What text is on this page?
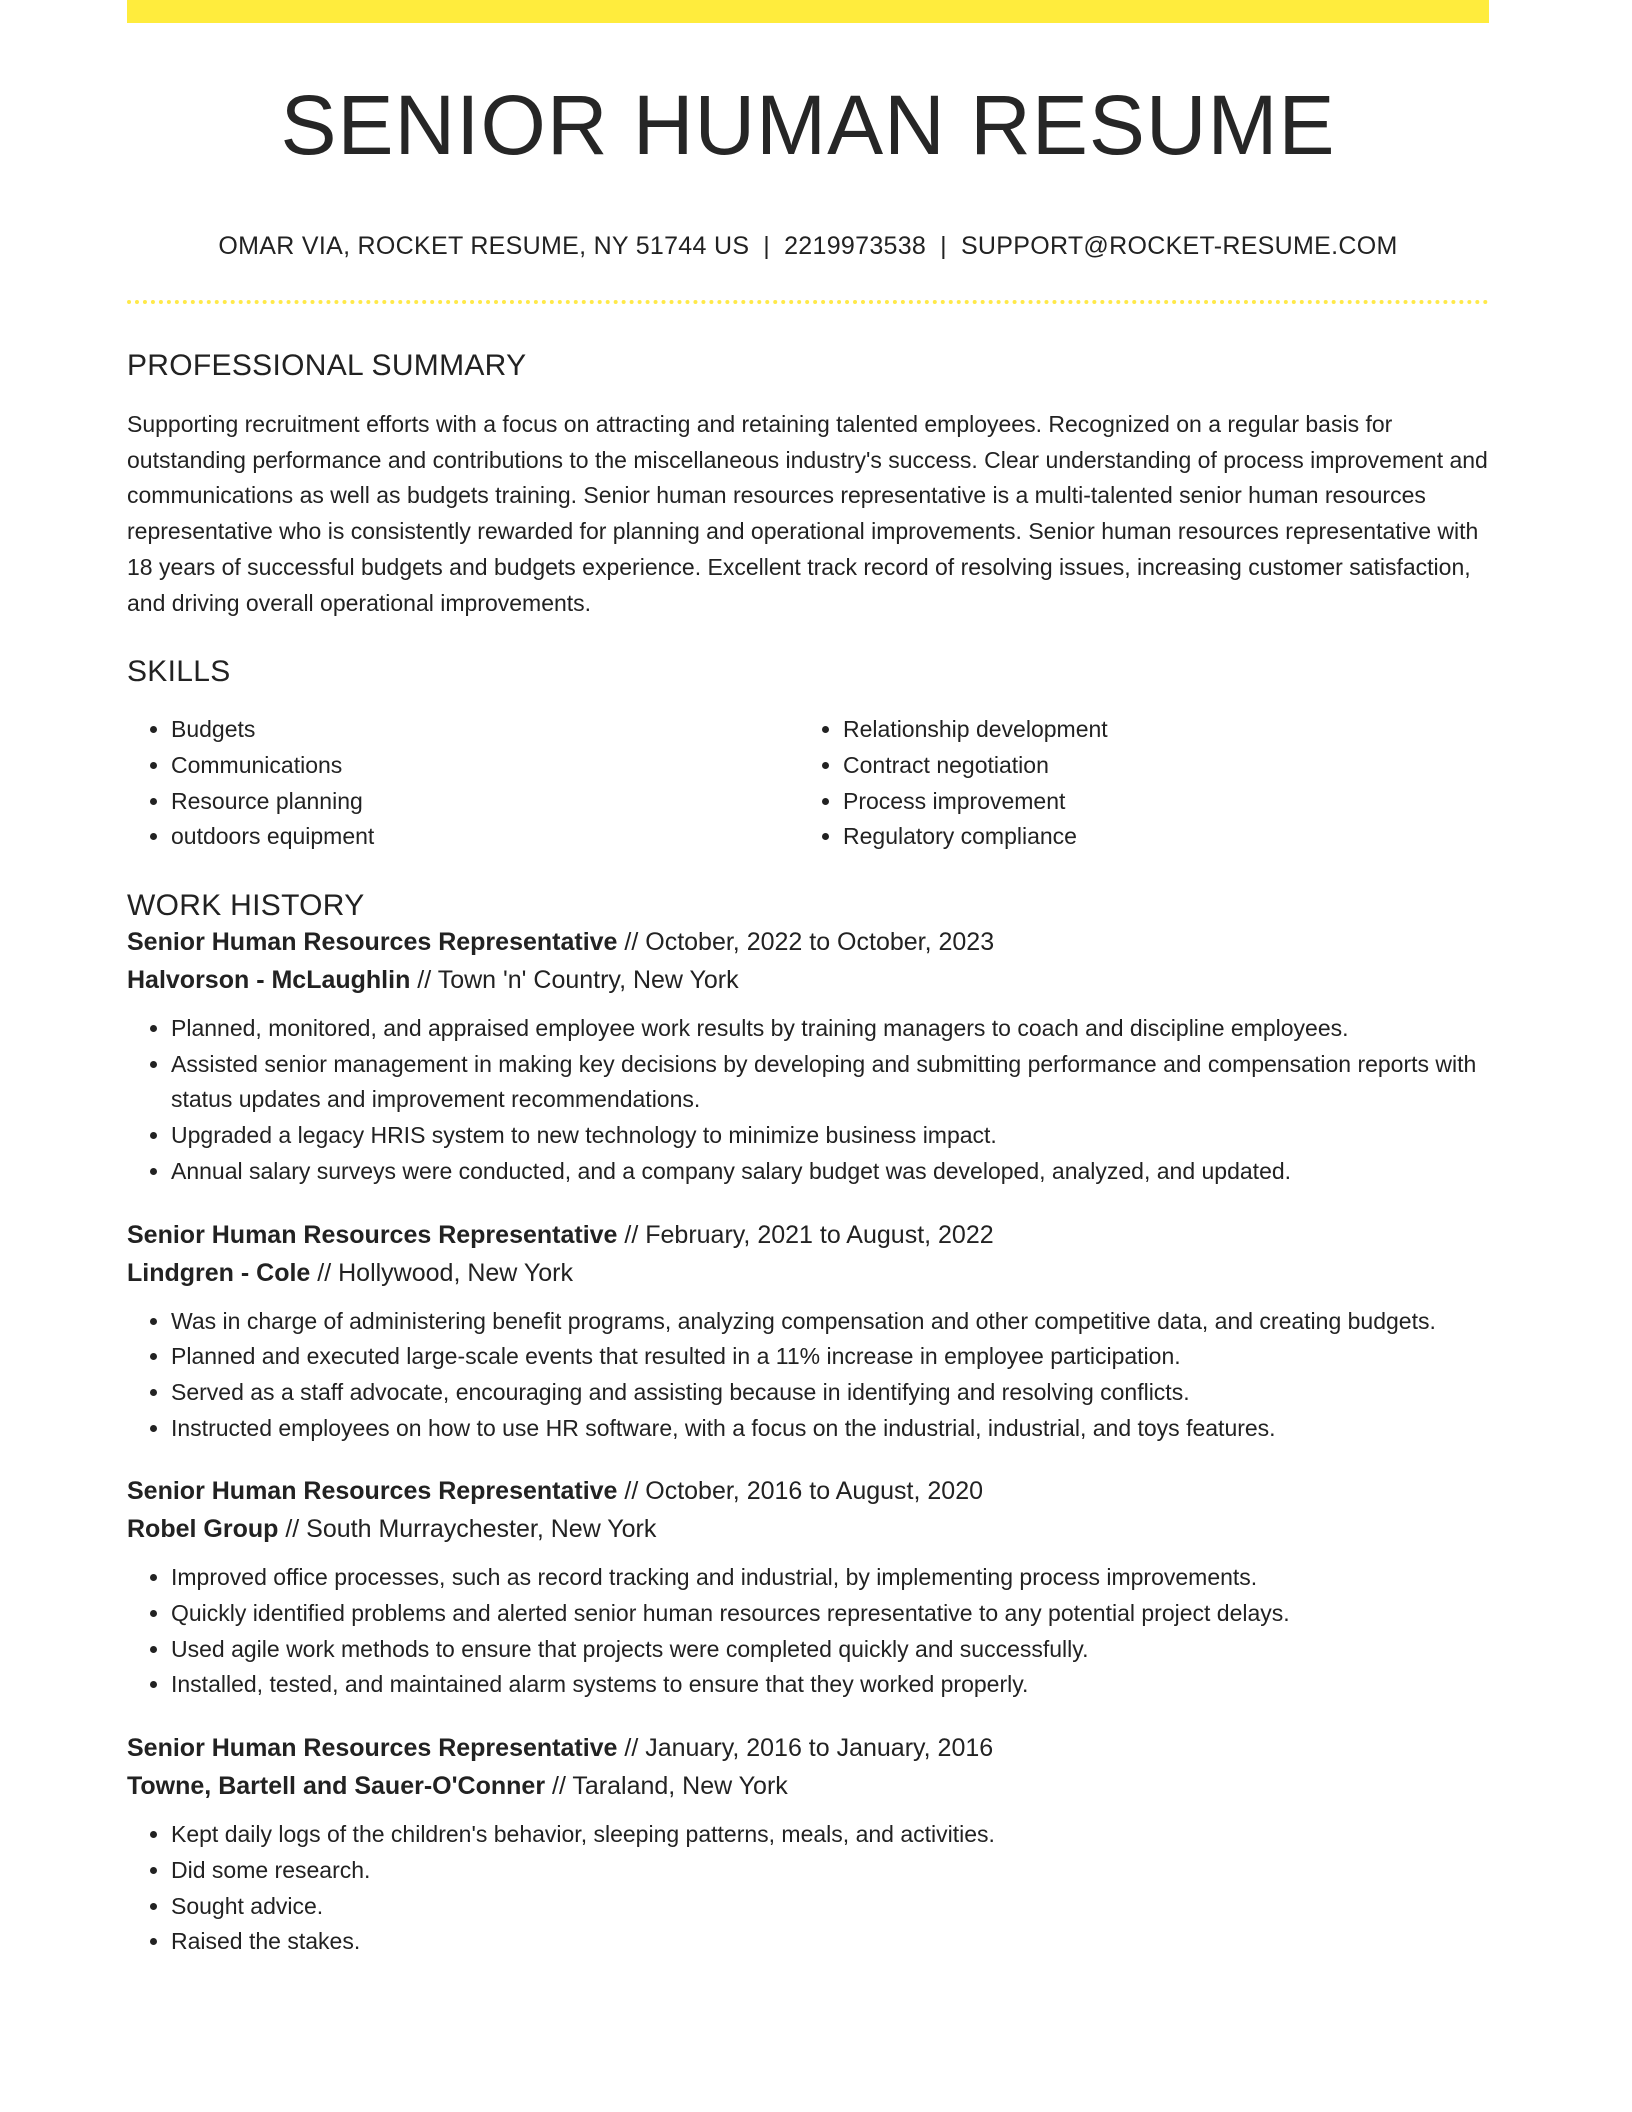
SENIOR HUMAN RESUME
OMAR VIA, ROCKET RESUME, NY 51744 US | 2219973538 | SUPPORT@ROCKET-RESUME.COM
PROFESSIONAL SUMMARY
Supporting recruitment efforts with a focus on attracting and retaining talented employees. Recognized on a regular basis for outstanding performance and contributions to the miscellaneous industry's success. Clear understanding of process improvement and communications as well as budgets training. Senior human resources representative is a multi-talented senior human resources representative who is consistently rewarded for planning and operational improvements. Senior human resources representative with 18 years of successful budgets and budgets experience. Excellent track record of resolving issues, increasing customer satisfaction, and driving overall operational improvements.
SKILLS
• Budgets
• Communications
• Resource planning
• outdoors equipment
• Relationship development
• Contract negotiation
• Process improvement
• Regulatory compliance
WORK HISTORY
Senior Human Resources Representative // October, 2022 to October, 2023
Halvorson - McLaughlin // Town 'n' Country, New York
• Planned, monitored, and appraised employee work results by training managers to coach and discipline employees.
• Assisted senior management in making key decisions by developing and submitting performance and compensation reports with status updates and improvement recommendations.
• Upgraded a legacy HRIS system to new technology to minimize business impact.
• Annual salary surveys were conducted, and a company salary budget was developed, analyzed, and updated.
Senior Human Resources Representative // February, 2021 to August, 2022
Lindgren - Cole // Hollywood, New York
• Was in charge of administering benefit programs, analyzing compensation and other competitive data, and creating budgets.
• Planned and executed large-scale events that resulted in a 11% increase in employee participation.
• Served as a staff advocate, encouraging and assisting because in identifying and resolving conflicts.
• Instructed employees on how to use HR software, with a focus on the industrial, industrial, and toys features.
Senior Human Resources Representative // October, 2016 to August, 2020
Robel Group // South Murraychester, New York
• Improved office processes, such as record tracking and industrial, by implementing process improvements.
• Quickly identified problems and alerted senior human resources representative to any potential project delays.
• Used agile work methods to ensure that projects were completed quickly and successfully.
• Installed, tested, and maintained alarm systems to ensure that they worked properly.
Senior Human Resources Representative // January, 2016 to January, 2016
Towne, Bartell and Sauer-O'Conner // Taraland, New York
• Kept daily logs of the children's behavior, sleeping patterns, meals, and activities.
• Did some research.
• Sought advice.
• Raised the stakes.
